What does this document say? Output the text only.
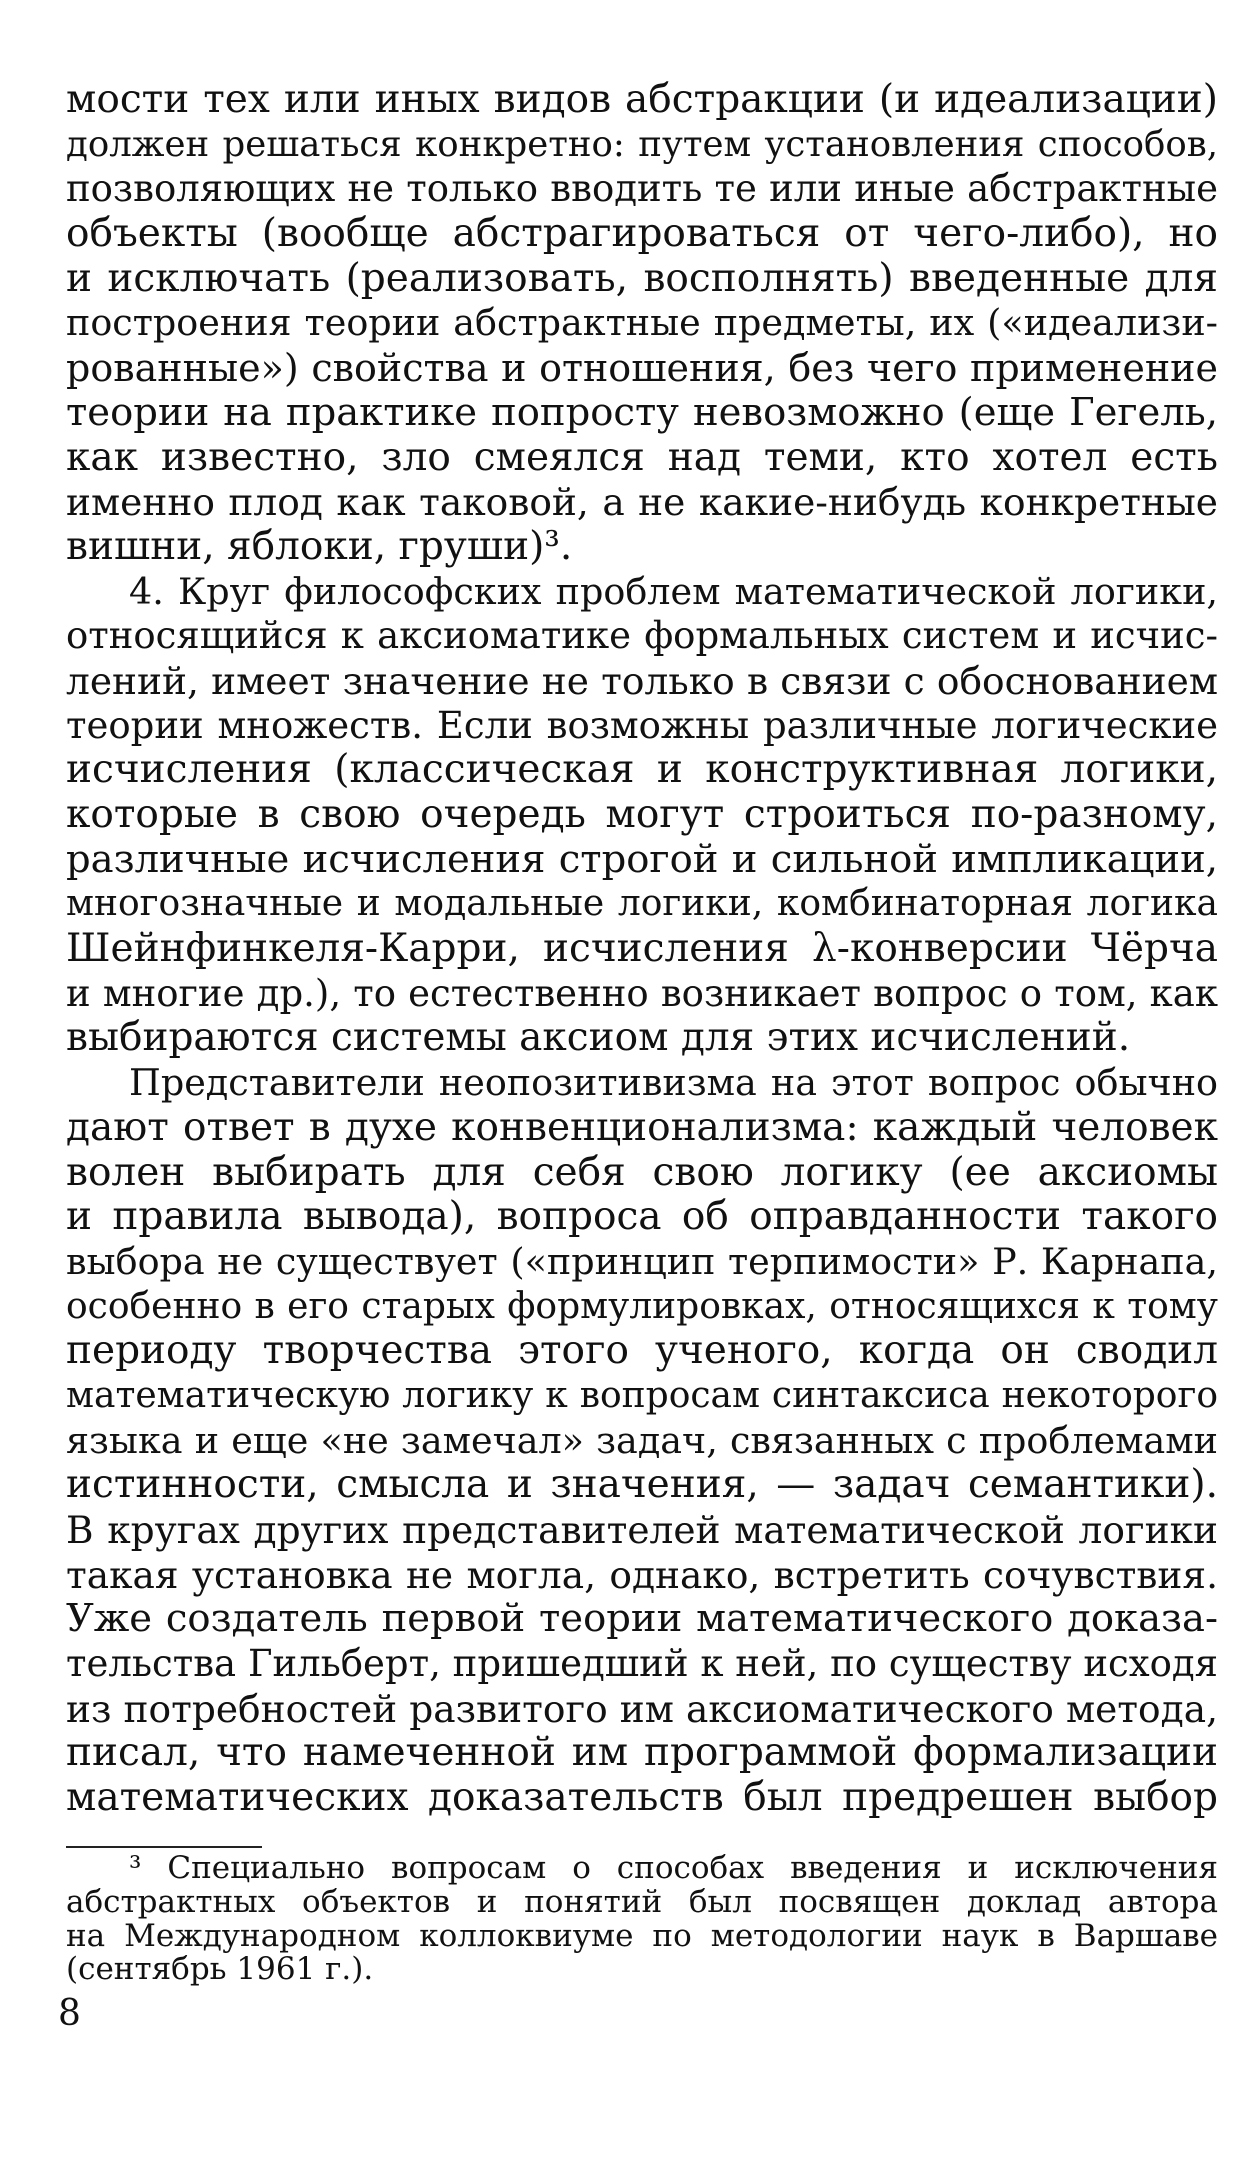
мости тех или иных видов абстракции (и идеализации)
должен решаться конкретно: путем установления способов,
позволяющих не только вводить те или иные абстрактные
объекты (вообще абстрагироваться от чего-либо), но
и исключать (реализовать, восполнять) введенные для
построения теории абстрактные предметы, их («идеализи-
рованные») свойства и отношения, без чего применение
теории на практике попросту невозможно (еще Гегель,
как известно, зло смеялся над теми, кто хотел есть
именно плод как таковой, а не какие-нибудь конкретные
вишни, яблоки, груши)³.
4. Круг философских проблем математической логики,
относящийся к аксиоматике формальных систем и исчис-
лений, имеет значение не только в связи с обоснованием
теории множеств. Если возможны различные логические
исчисления (классическая и конструктивная логики,
которые в свою очередь могут строиться по-разному,
различные исчисления строгой и сильной импликации,
многозначные и модальные логики, комбинаторная логика
Шейнфинкеля-Карри, исчисления λ-конверсии Чёрча
и многие др.), то естественно возникает вопрос о том, как
выбираются системы аксиом для этих исчислений.
Представители неопозитивизма на этот вопрос обычно
дают ответ в духе конвенционализма: каждый человек
волен выбирать для себя свою логику (ее аксиомы
и правила вывода), вопроса об оправданности такого
выбора не существует («принцип терпимости» Р. Карнапа,
особенно в его старых формулировках, относящихся к тому
периоду творчества этого ученого, когда он сводил
математическую логику к вопросам синтаксиса некоторого
языка и еще «не замечал» задач, связанных с проблемами
истинности, смысла и значения, — задач семантики).
В кругах других представителей математической логики
такая установка не могла, однако, встретить сочувствия.
Уже создатель первой теории математического доказа-
тельства Гильберт, пришедший к ней, по существу исходя
из потребностей развитого им аксиоматического метода,
писал, что намеченной им программой формализации
математических доказательств был предрешен выбор
³ Специально вопросам о способах введения и исключения
абстрактных объектов и понятий был посвящен доклад автора
на Международном коллоквиуме по методологии наук в Варшаве
(сентябрь 1961 г.).
8
